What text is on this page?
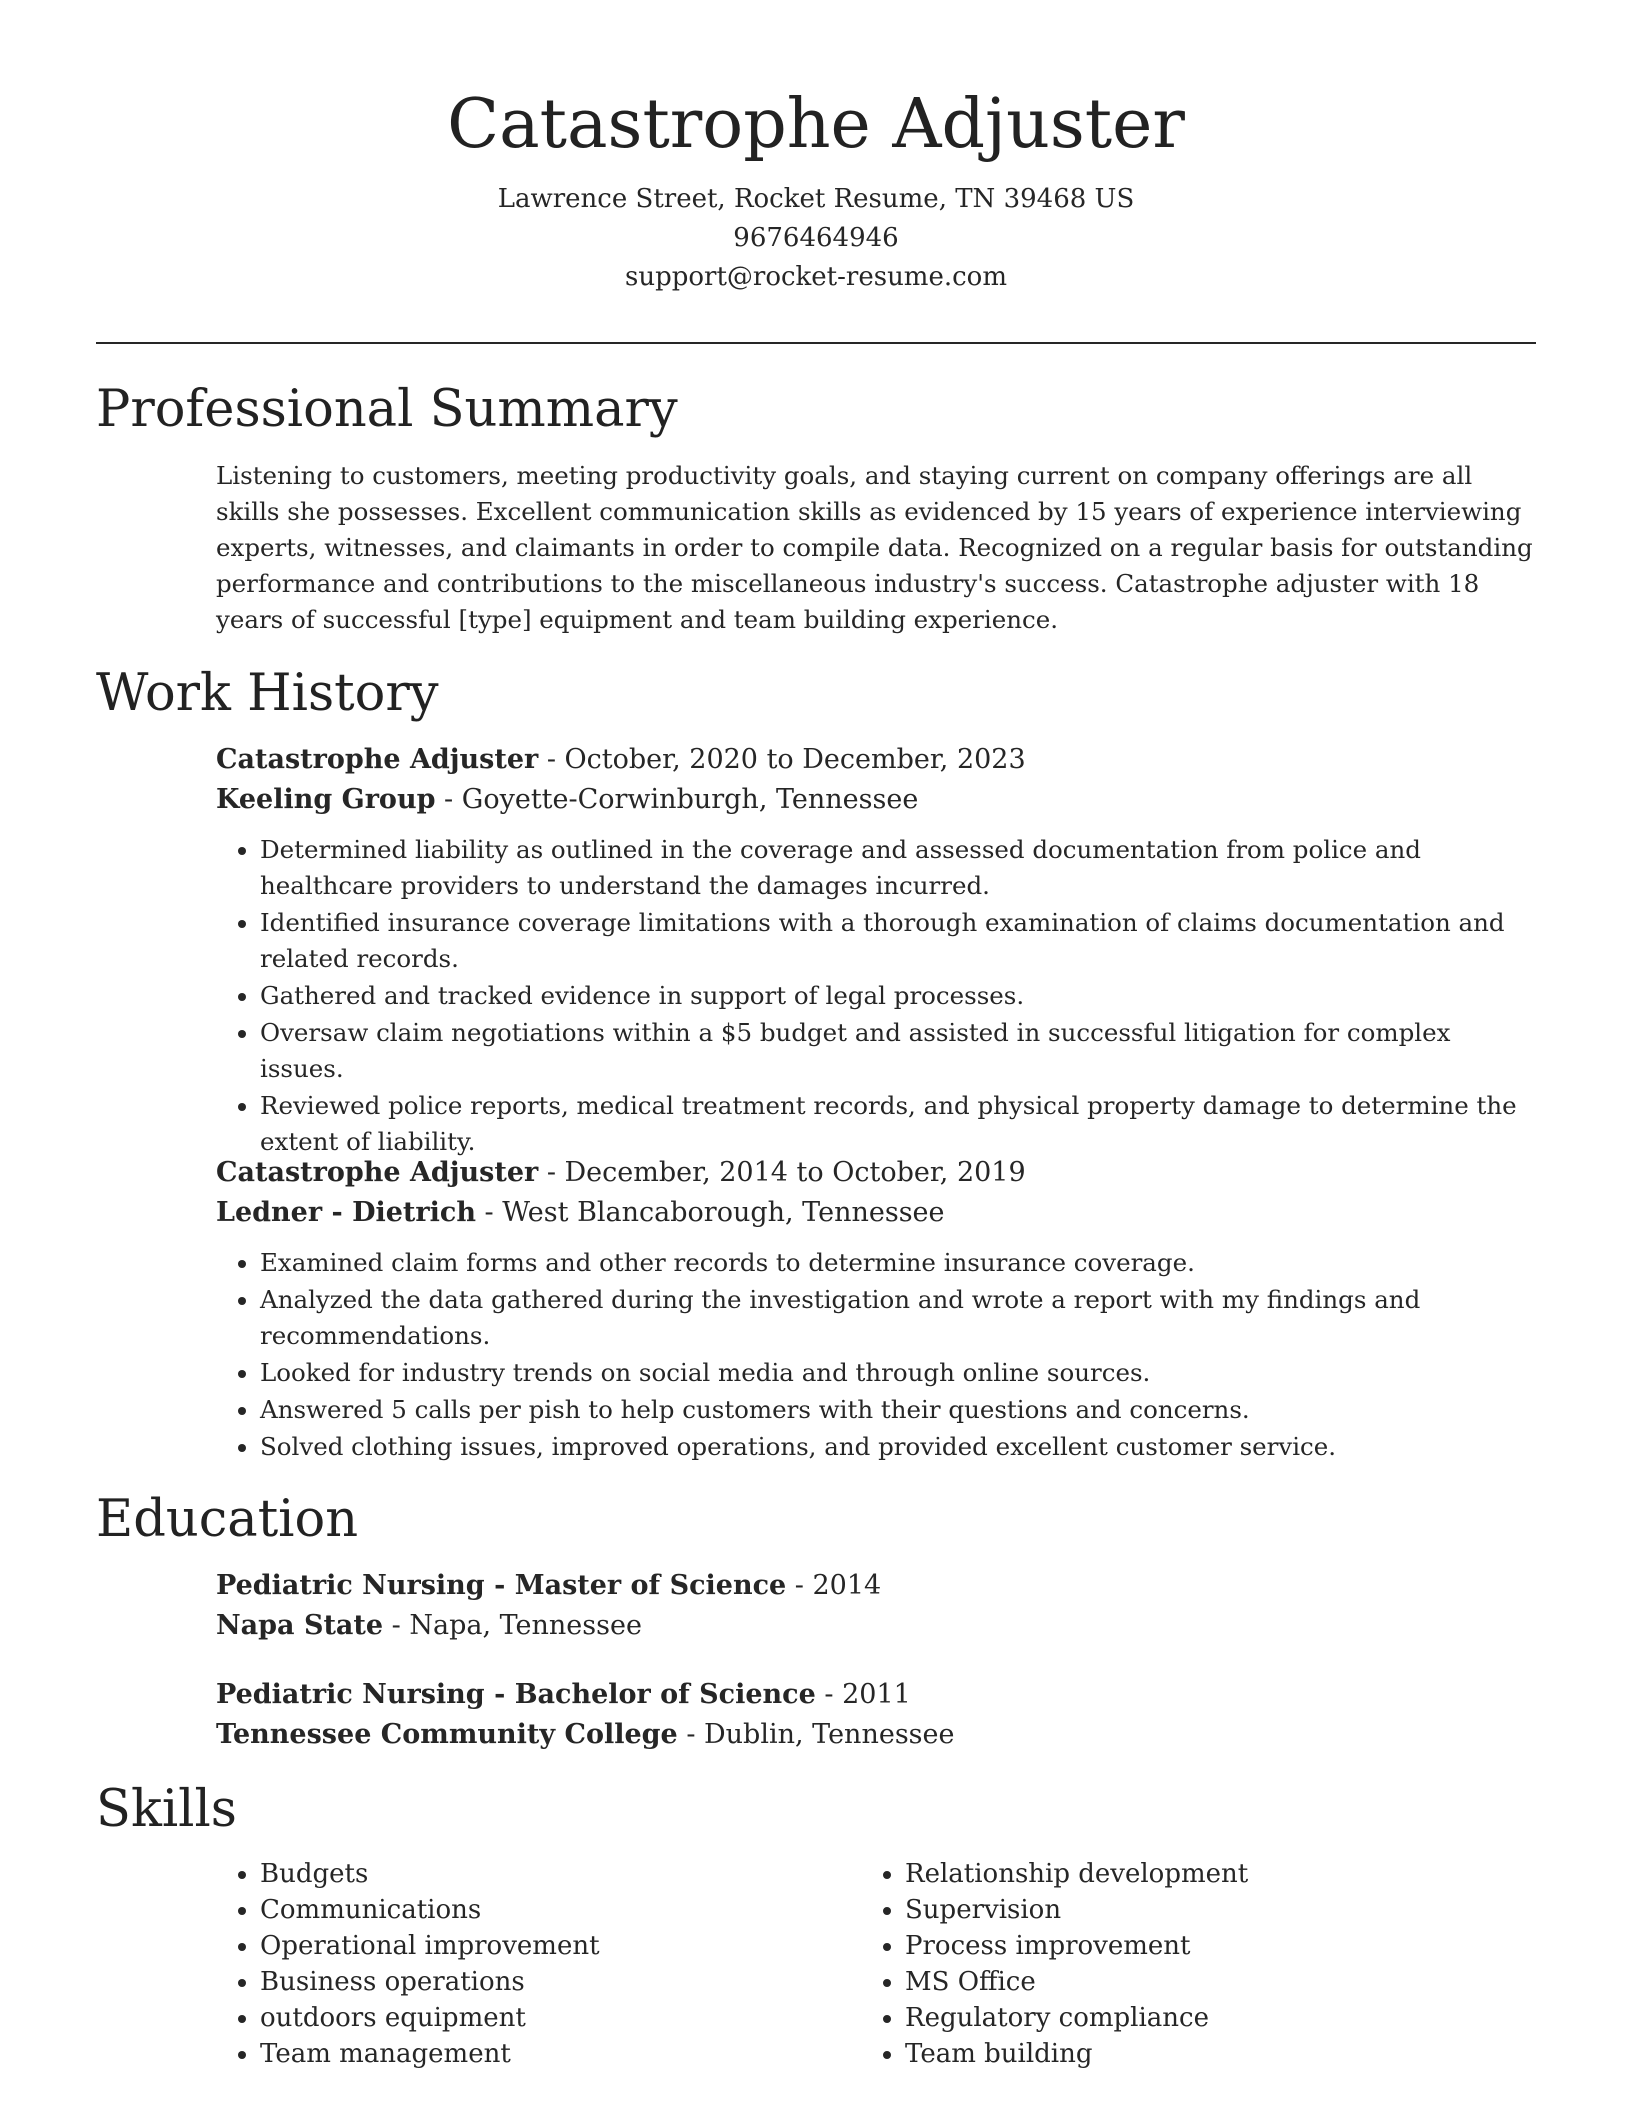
Catastrophe Adjuster

Lawrence Street, Rocket Resume, TN 39468 US

9676464946

support@rocket-resume.com

Professional Summary

Listening to customers, meeting productivity goals, and staying current on company offerings are all skills she possesses. Excellent communication skills as evidenced by 15 years of experience interviewing experts, witnesses, and claimants in order to compile data. Recognized on a regular basis for outstanding performance and contributions to the miscellaneous industry's success. Catastrophe adjuster with 18 years of successful [type] equipment and team building experience.

Work History

Catastrophe Adjuster - October, 2020 to December, 2023

Keeling Group - Goyette-Corwinburgh, Tennessee

• Determined liability as outlined in the coverage and assessed documentation from police and healthcare providers to understand the damages incurred.
• Identified insurance coverage limitations with a thorough examination of claims documentation and related records.
• Gathered and tracked evidence in support of legal processes.
• Oversaw claim negotiations within a $5 budget and assisted in successful litigation for complex issues.
• Reviewed police reports, medical treatment records, and physical property damage to determine the extent of liability.

Catastrophe Adjuster - December, 2014 to October, 2019

Ledner - Dietrich - West Blancaborough, Tennessee

• Examined claim forms and other records to determine insurance coverage.
• Analyzed the data gathered during the investigation and wrote a report with my findings and recommendations.
• Looked for industry trends on social media and through online sources.
• Answered 5 calls per pish to help customers with their questions and concerns.
• Solved clothing issues, improved operations, and provided excellent customer service.
Education

Pediatric Nursing - Master of Science - 2014

Napa State - Napa, Tennessee

Pediatric Nursing - Bachelor of Science - 2011

Tennessee Community College - Dublin, Tennessee

Skills
• Budgets
• Communications
• Operational improvement
• Business operations
• outdoors equipment
• Team management
• Relationship development
• Supervision
• Process improvement
• MS Office
• Regulatory compliance
• Team building
